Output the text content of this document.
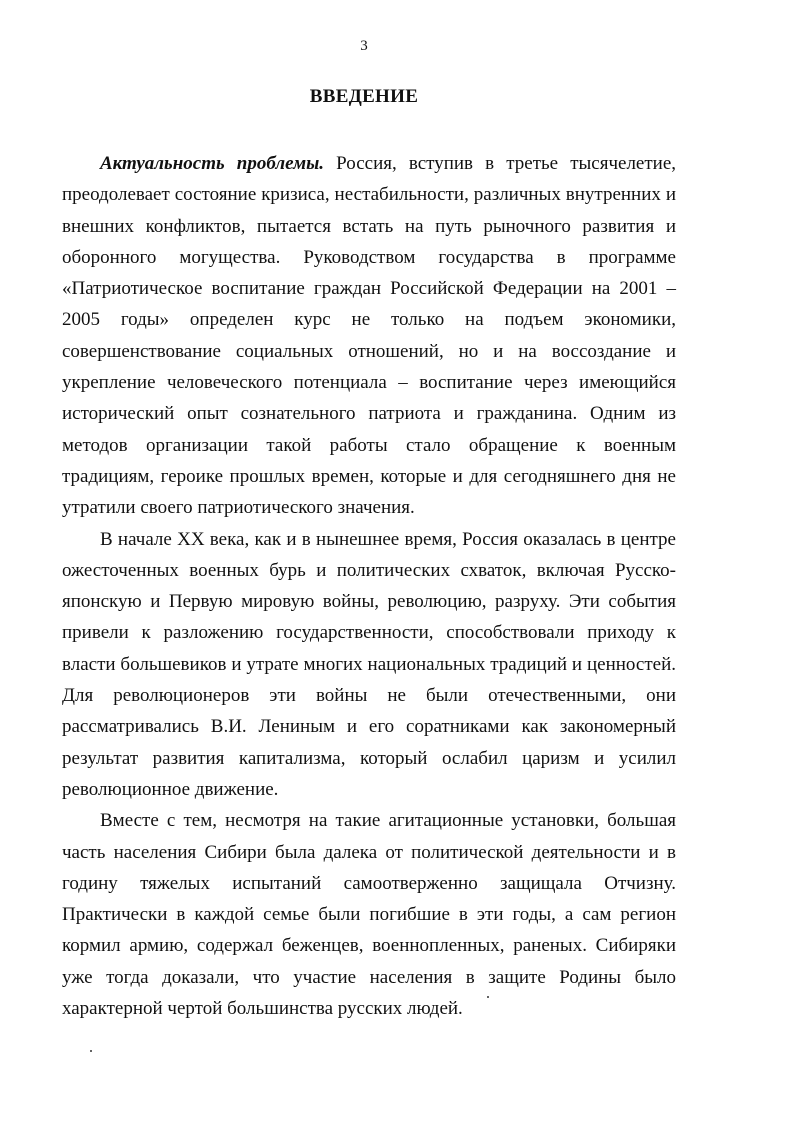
3
ВВЕДЕНИЕ

Актуальность проблемы. Россия, вступив в третье тысячелетие, преодолевает состояние кризиса, нестабильности, различных внутренних и внешних конфликтов, пытается встать на путь рыночного развития и оборонного могущества. Руководством государства в программе «Патриотическое воспитание граждан Российской Федерации на 2001 – 2005 годы» определен курс не только на подъем экономики, совершенствование социальных отношений, но и на воссоздание и укрепление человеческого потенциала – воспитание через имеющийся исторический опыт сознательного патриота и гражданина. Одним из методов организации такой работы стало обращение к военным традициям, героике прошлых времен, которые и для сегодняшнего дня не утратили своего патриотического значения.

В начале XX века, как и в нынешнее время, Россия оказалась в центре ожесточенных военных бурь и политических схваток, включая Русско-японскую и Первую мировую войны, революцию, разруху. Эти события привели к разложению государственности, способствовали приходу к власти большевиков и утрате многих национальных традиций и ценностей. Для революционеров эти войны не были отечественными, они рассматривались В.И. Лениным и его соратниками как закономерный результат развития капитализма, который ослабил царизм и усилил революционное движение.

Вместе с тем, несмотря на такие агитационные установки, большая часть населения Сибири была далека от политической деятельности и в годину тяжелых испытаний самоотверженно защищала Отчизну. Практически в каждой семье были погибшие в эти годы, а сам регион кормил армию, содержал беженцев, военнопленных, раненых. Сибиряки уже тогда доказали, что участие населения в защите Родины было характерной чертой большинства русских людей.
